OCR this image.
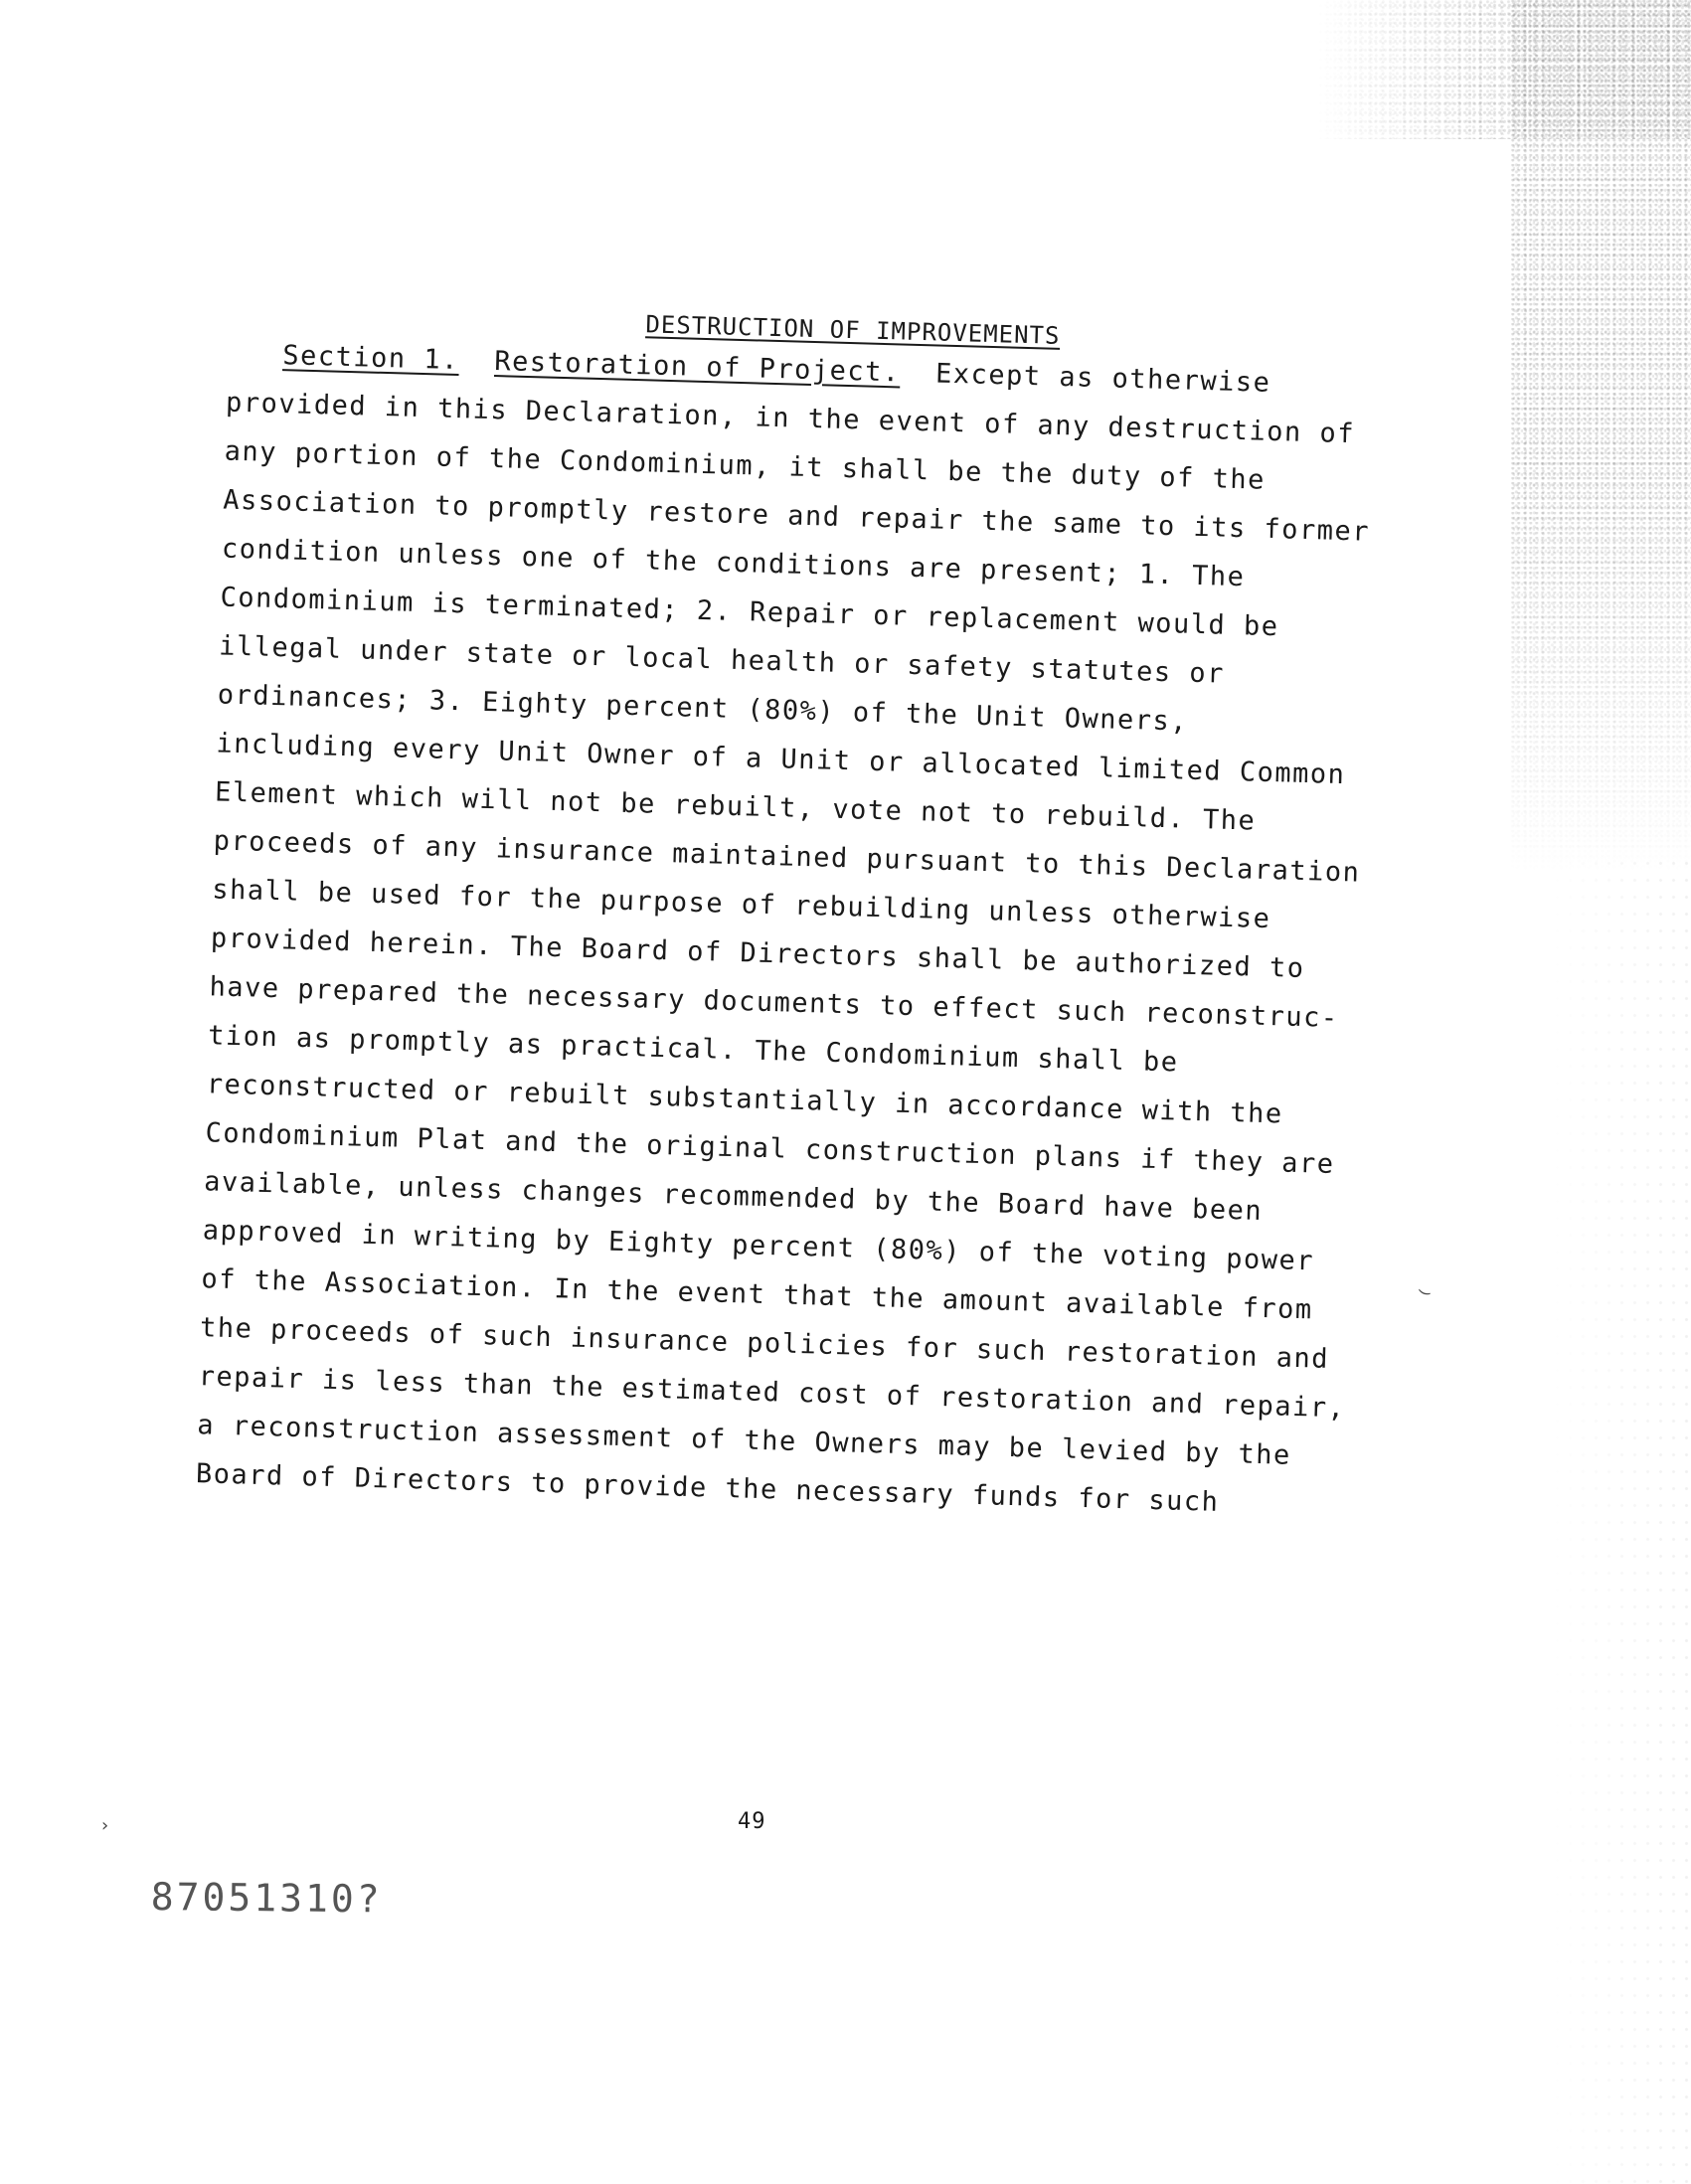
DESTRUCTION OF IMPROVEMENTS
Section 1. Restoration of Project. Except as otherwise
provided in this Declaration, in the event of any destruction of
any portion of the Condominium, it shall be the duty of the
Association to promptly restore and repair the same to its former
condition unless one of the conditions are present; 1. The
Condominium is terminated; 2. Repair or replacement would be
illegal under state or local health or safety statutes or
ordinances; 3. Eighty percent (80%) of the Unit Owners,
including every Unit Owner of a Unit or allocated limited Common
Element which will not be rebuilt, vote not to rebuild. The
proceeds of any insurance maintained pursuant to this Declaration
shall be used for the purpose of rebuilding unless otherwise
provided herein. The Board of Directors shall be authorized to
have prepared the necessary documents to effect such reconstruc-
tion as promptly as practical. The Condominium shall be
reconstructed or rebuilt substantially in accordance with the
Condominium Plat and the original construction plans if they are
available, unless changes recommended by the Board have been
approved in writing by Eighty percent (80%) of the voting power
of the Association. In the event that the amount available from
the proceeds of such insurance policies for such restoration and
repair is less than the estimated cost of restoration and repair,
a reconstruction assessment of the Owners may be levied by the
Board of Directors to provide the necessary funds for such
49
87051310?
›
‿
